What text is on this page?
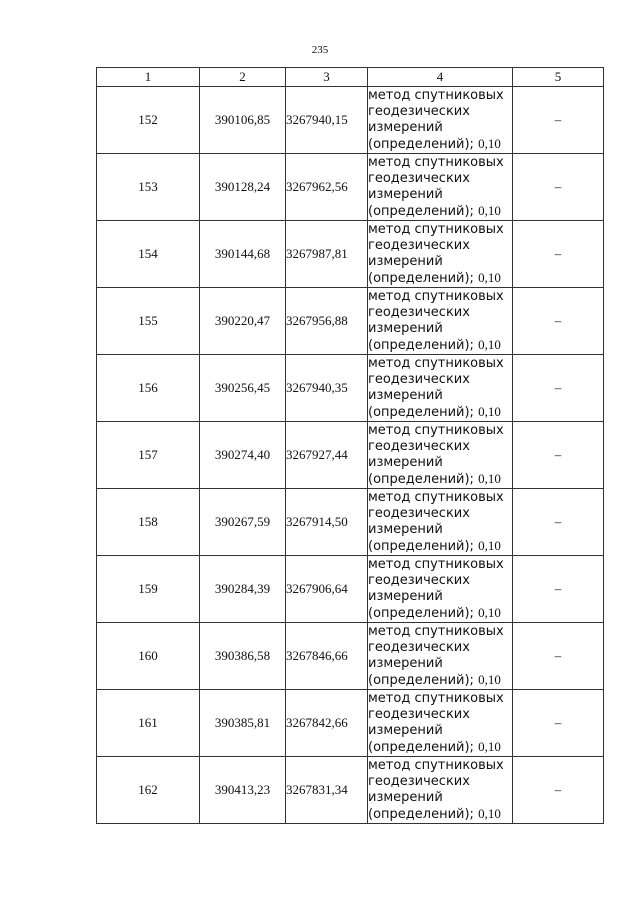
235
1	2	3	4	5
152	390106,85	3267940,15	метод спутниковых
геодезических
измерений
(определений); 0,10	–
153	390128,24	3267962,56	метод спутниковых
геодезических
измерений
(определений); 0,10	–
154	390144,68	3267987,81	метод спутниковых
геодезических
измерений
(определений); 0,10	–
155	390220,47	3267956,88	метод спутниковых
геодезических
измерений
(определений); 0,10	–
156	390256,45	3267940,35	метод спутниковых
геодезических
измерений
(определений); 0,10	–
157	390274,40	3267927,44	метод спутниковых
геодезических
измерений
(определений); 0,10	–
158	390267,59	3267914,50	метод спутниковых
геодезических
измерений
(определений); 0,10	–
159	390284,39	3267906,64	метод спутниковых
геодезических
измерений
(определений); 0,10	–
160	390386,58	3267846,66	метод спутниковых
геодезических
измерений
(определений); 0,10	–
161	390385,81	3267842,66	метод спутниковых
геодезических
измерений
(определений); 0,10	–
162	390413,23	3267831,34	метод спутниковых
геодезических
измерений
(определений); 0,10	–
